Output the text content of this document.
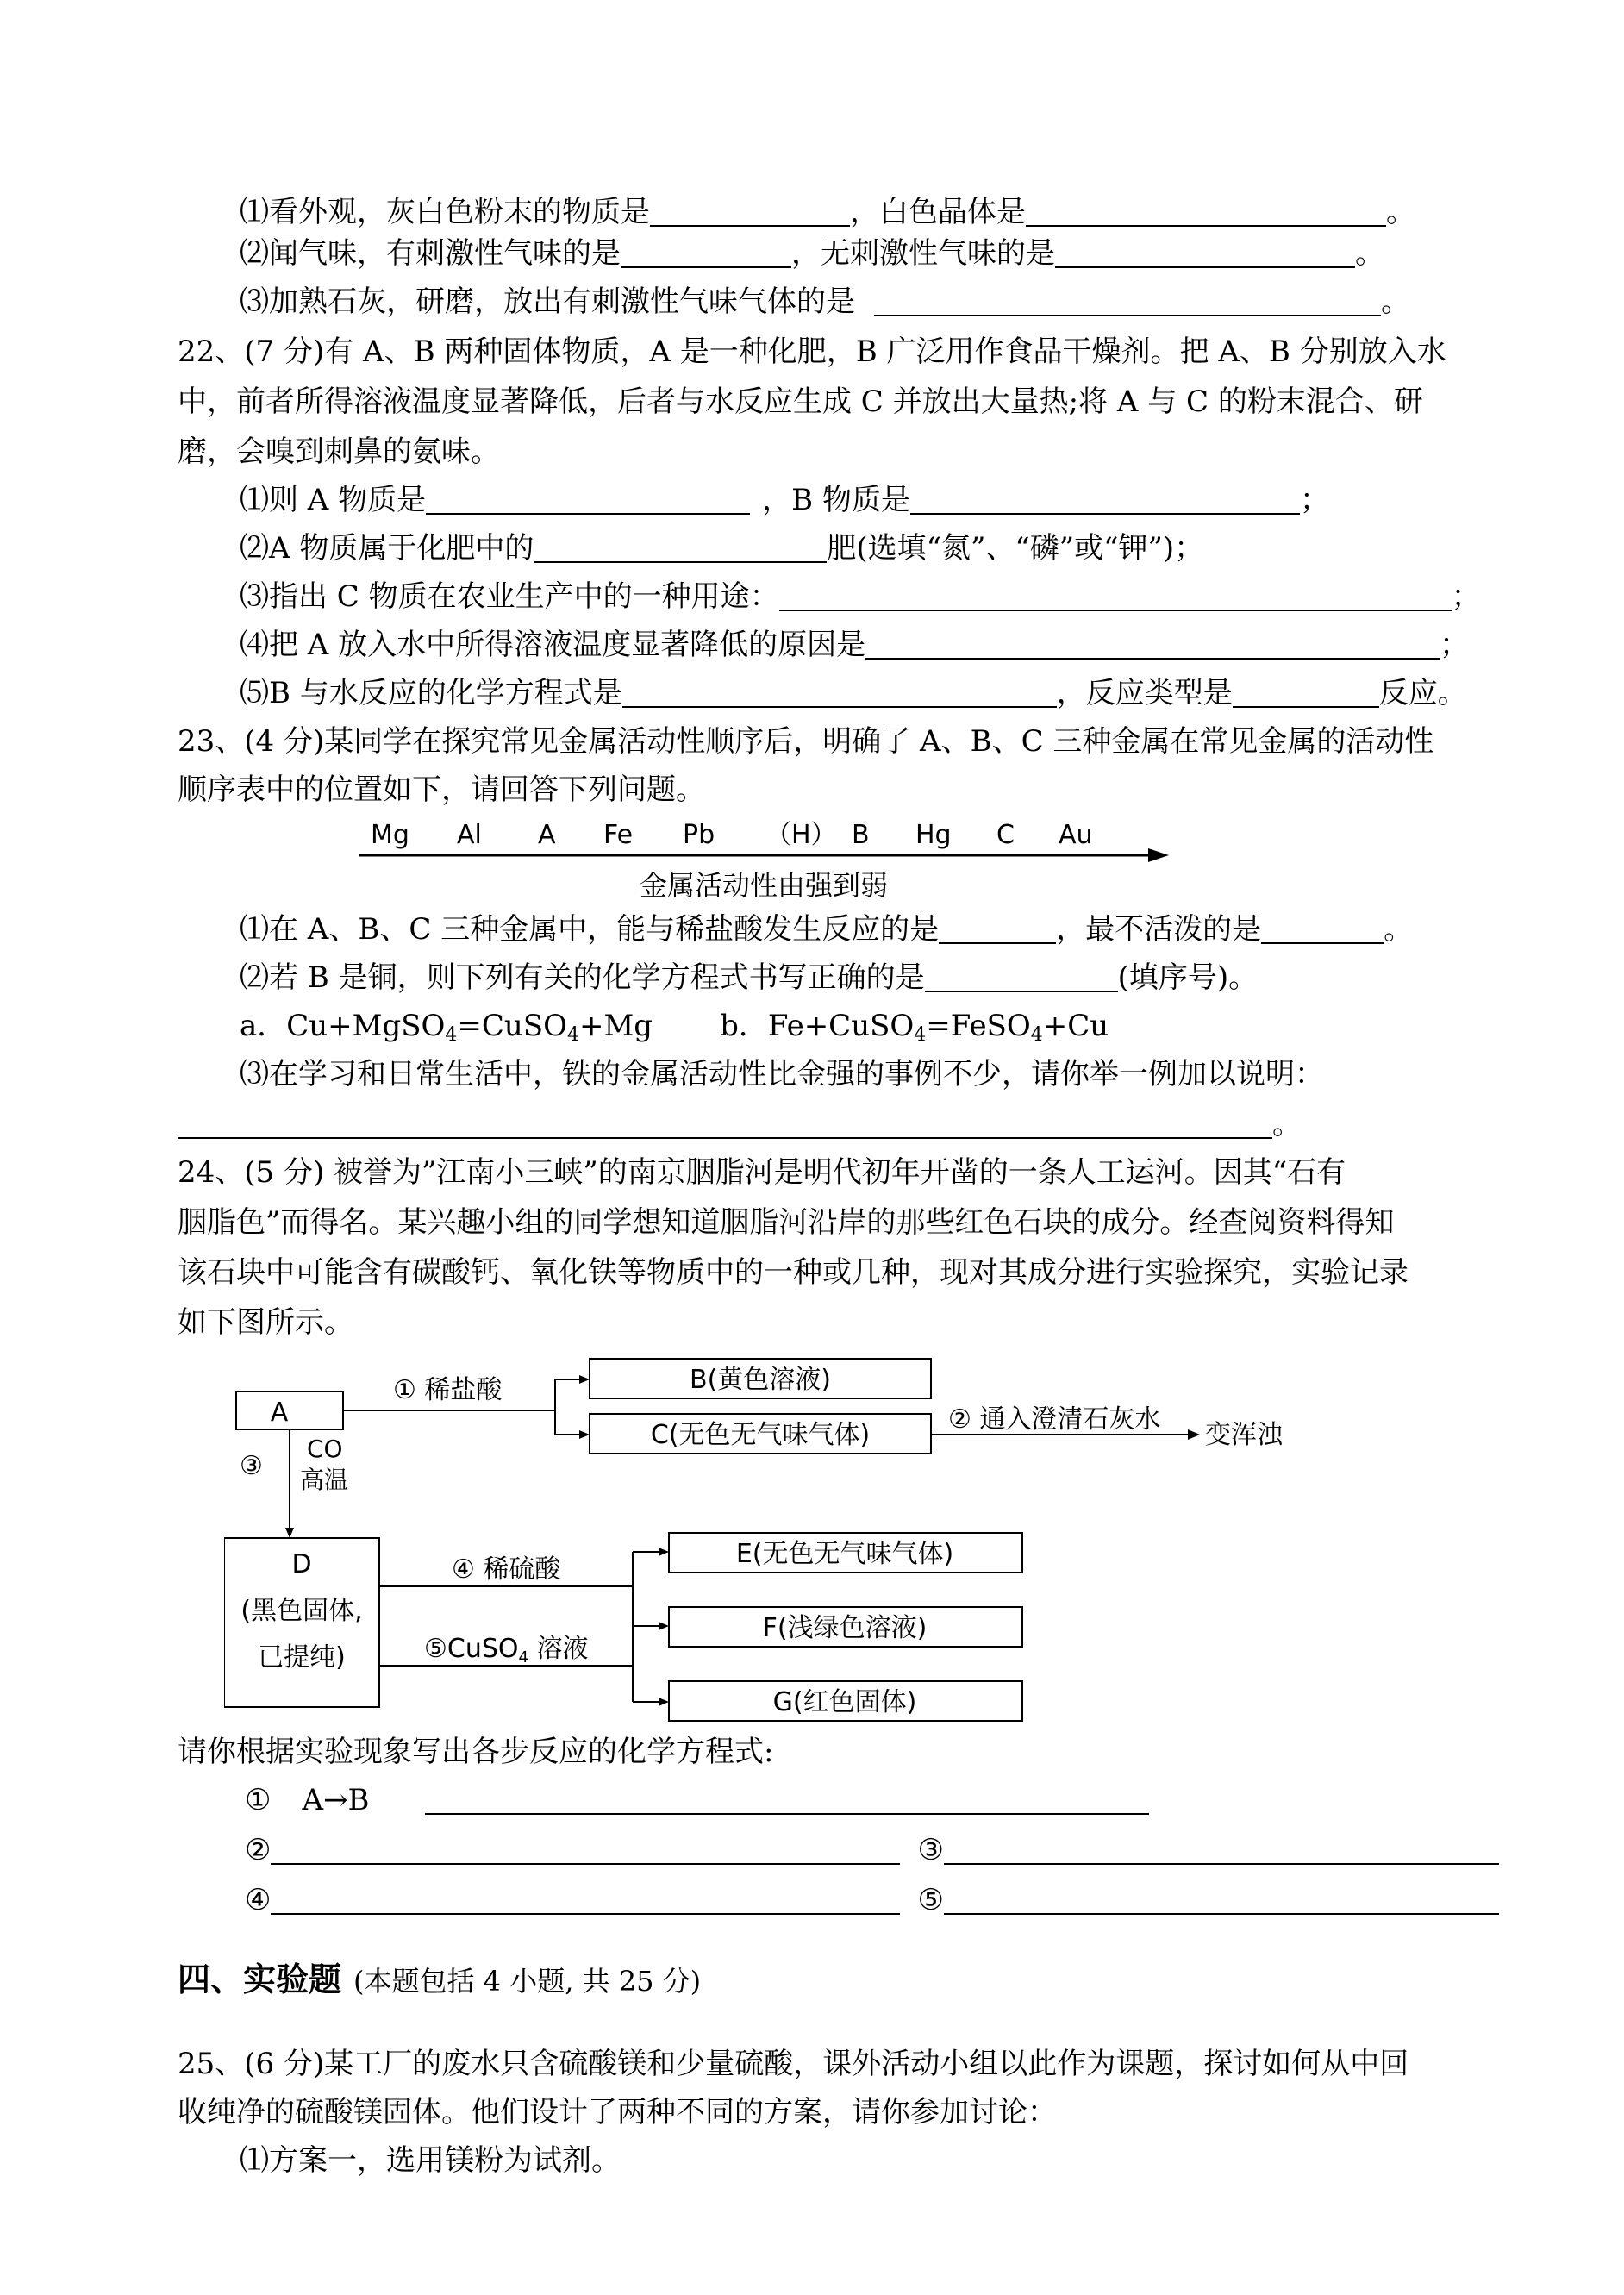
⑴看外观，灰白色粉末的物质是	，白色晶体是	。
⑵闻气味，有刺激性气味的是	，无刺激性气味的是	。
⑶加熟石灰，研磨，放出有刺激性气味气体的是	。
22、(7 分)有 A、B 两种固体物质，A 是一种化肥，B 广泛用作食品干燥剂。把 A、B 分别放入水
中，前者所得溶液温度显著降低，后者与水反应生成 C 并放出大量热;将 A 与 C 的粉末混合、研
磨，会嗅到刺鼻的氨味。
⑴则 A 物质是	，B 物质是	；
⑵A 物质属于化肥中的	肥(选填“氮”、“磷”或“钾”)；
⑶指出 C 物质在农业生产中的一种用途：	；
⑷把 A 放入水中所得溶液温度显著降低的原因是	；
⑸B 与水反应的化学方程式是	，反应类型是	反应。
23、(4 分)某同学在探究常见金属活动性顺序后，明确了 A、B、C 三种金属在常见金属的活动性
顺序表中的位置如下，请回答下列问题。
Mg Al A Fe Pb （H） B Hg C Au
金属活动性由强到弱
⑴在 A、B、C 三种金属中，能与稀盐酸发生反应的是	，最不活泼的是	。
⑵若 B 是铜，则下列有关的化学方程式书写正确的是	(填序号)。
a．Cu+MgSO$_4$=CuSO$_4$+Mg b．Fe+CuSO$_4$=FeSO$_4$+Cu
⑶在学习和日常生活中，铁的金属活动性比金强的事例不少，请你举一例加以说明：
。
24、(5 分) 被誉为”江南小三峡”的南京胭脂河是明代初年开凿的一条人工运河。因其“石有
胭脂色”而得名。某兴趣小组的同学想知道胭脂河沿岸的那些红色石块的成分。经查阅资料得知
该石块中可能含有碳酸钙、氧化铁等物质中的一种或几种，现对其成分进行实验探究，实验记录
如下图所示。
A
B(黄色溶液)
C(无色无气味气体)
① 稀盐酸
② 通入澄清石灰水
变浑浊
③
CO
高温
D
(黑色固体,
已提纯)
④ 稀硫酸
⑤CuSO$_4$ 溶液
E(无色无气味气体)
F(浅绿色溶液)
G(红色固体)
请你根据实验现象写出各步反应的化学方程式:
① A→B
②	③
④	⑤
四、实验题 (本题包括 4 小题, 共 25 分)
25、(6 分)某工厂的废水只含硫酸镁和少量硫酸，课外活动小组以此作为课题，探讨如何从中回
收纯净的硫酸镁固体。他们设计了两种不同的方案，请你参加讨论：
⑴方案一，选用镁粉为试剂。
